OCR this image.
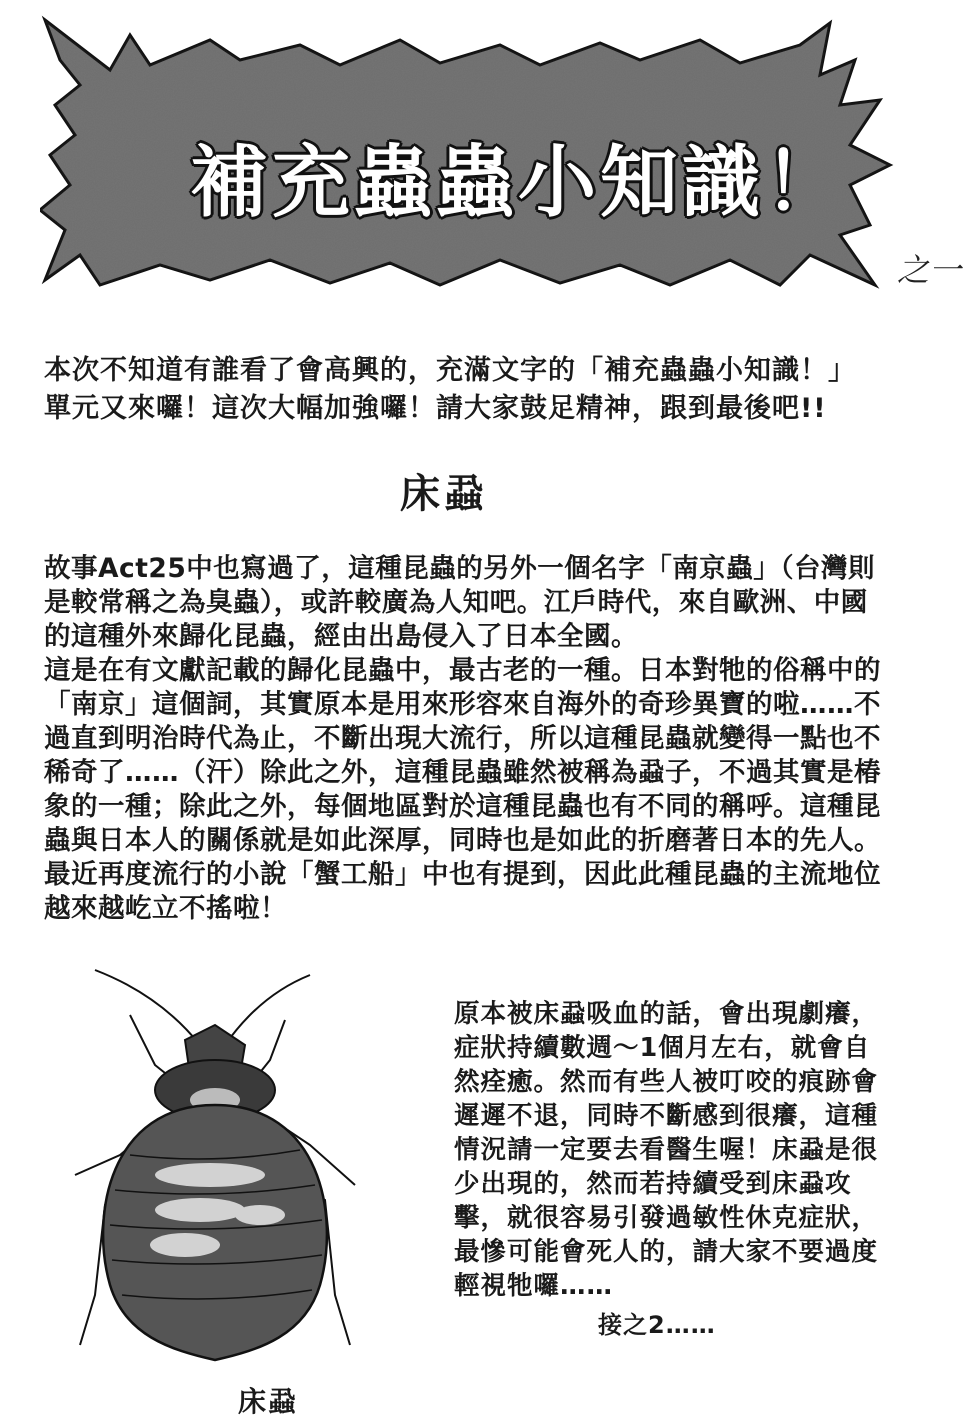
補充蟲蟲小知識！
之一
本次不知道有誰看了會高興的，充滿文字的「補充蟲蟲小知識！」單元又來囉！這次大幅加強囉！請大家鼓足精神，跟到最後吧!!
床蝨

故事Act25中也寫過了，這種昆蟲的另外一個名字「南京蟲」（台灣則是較常稱之為臭蟲），或許較廣為人知吧。江戶時代，來自歐洲、中國的這種外來歸化昆蟲，經由出島侵入了日本全國。

這是在有文獻記載的歸化昆蟲中，最古老的一種。日本對牠的俗稱中的「南京」這個詞，其實原本是用來形容來自海外的奇珍異寶的啦……不過直到明治時代為止，不斷出現大流行，所以這種昆蟲就變得一點也不稀奇了……（汗）除此之外，這種昆蟲雖然被稱為蝨子，不過其實是椿象的一種；除此之外，每個地區對於這種昆蟲也有不同的稱呼。這種昆蟲與日本人的關係就是如此深厚，同時也是如此的折磨著日本的先人。最近再度流行的小說「蟹工船」中也有提到，因此此種昆蟲的主流地位越來越屹立不搖啦！

床蝨
原本被床蝨吸血的話，會出現劇癢，症狀持續數週～1個月左右，就會自然痊癒。然而有些人被叮咬的痕跡會遲遲不退，同時不斷感到很癢，這種情況請一定要去看醫生喔！床蝨是很少出現的，然而若持續受到床蝨攻擊，就很容易引發過敏性休克症狀，最慘可能會死人的，請大家不要過度輕視牠囉……
接之2……
